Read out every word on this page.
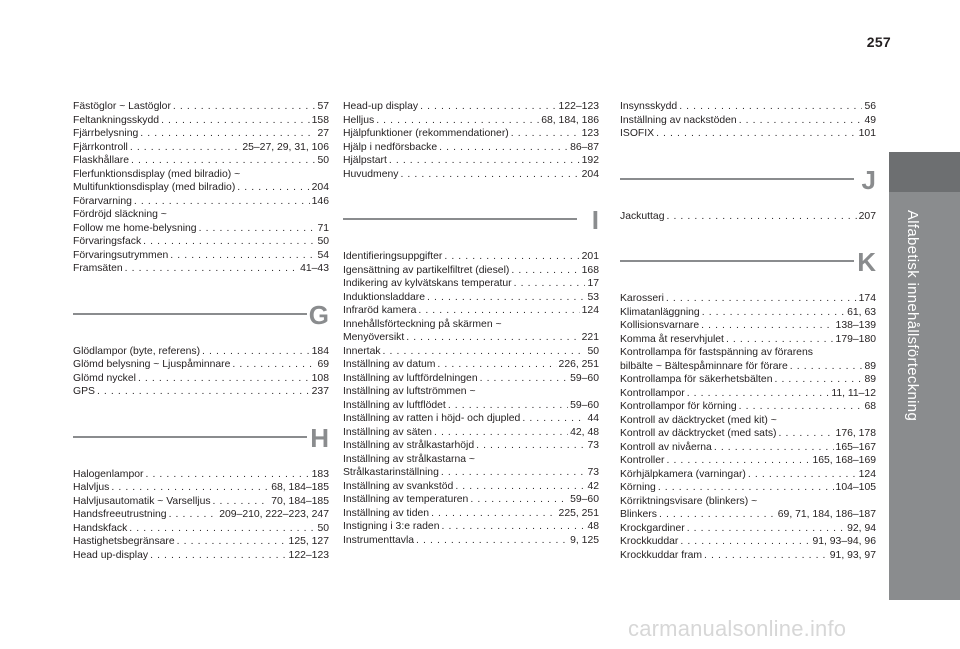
257
Alfabetisk innehållsförteckning
Fästöglor ~ Lastöglor . . .	57
Feltankningsskydd . . .	158
Fjärrbelysning . . .	27
Fjärrkontroll . . .	25–27, 29, 31, 106
Flaskhållare . . .	50
Flerfunktionsdisplay (med bilradio) ~
Multifunktionsdisplay (med bilradio) . . .	204
Förarvarning . . .	146
Fördröjd släckning ~
Follow me home-belysning . . .	71
Förvaringsfack . . .	50
Förvaringsutrymmen . . .	54
Framsäten . . .	41–43
G
Glödlampor (byte, referens) . . .	184
Glömd belysning ~ Ljuspåminnare . . .	69
Glömd nyckel . . .	108
GPS . . .	237
H
Halogenlampor . . .	183
Halvljus . . .	68, 184–185
Halvljusautomatik ~ Varselljus . . .	70, 184–185
Handsfreeutrustning . . .	209–210, 222–223, 247
Handskfack . . .	50
Hastighetsbegränsare . . .	125, 127
Head up-display . . .	122–123
Head-up display . . .	122–123
Helljus . . .	68, 184, 186
Hjälpfunktioner (rekommendationer) . . .	123
Hjälp i nedförsbacke . . .	86–87
Hjälpstart . . .	192
Huvudmeny . . .	204
I
Identifieringsuppgifter . . .	201
Igensättning av partikelfiltret (diesel) . . .	168
Indikering av kylvätskans temperatur . . .	17
Induktionsladdare . . .	53
Infraröd kamera . . .	124
Innehållsförteckning på skärmen ~
Menyöversikt . . .	221
Innertak . . .	50
Inställning av datum . . .	226, 251
Inställning av luftfördelningen . . .	59–60
Inställning av luftströmmen ~
Inställning av luftflödet . . .	59–60
Inställning av ratten i höjd- och djupled . . .	44
Inställning av säten . . .	42, 48
Inställning av strålkastarhöjd . . .	73
Inställning av strålkastarna ~
Strålkastarinställning . . .	73
Inställning av svankstöd . . .	42
Inställning av temperaturen . . .	59–60
Inställning av tiden . . .	225, 251
Instigning i 3:e raden . . .	48
Instrumenttavla . . .	9, 125
Insynsskydd . . .	56
Inställning av nackstöden . . .	49
ISOFIX . . .	101
J
Jackuttag . . .	207
K
Karosseri . . .	174
Klimatanläggning . . .	61, 63
Kollisionsvarnare . . .	138–139
Komma åt reservhjulet . . .	179–180
Kontrollampa för fastspänning av förarens
bilbälte ~ Bältespåminnare för förare . . .	89
Kontrollampa för säkerhetsbälten . . .	89
Kontrollampor . . .	11, 11–12
Kontrollampor för körning . . .	68
Kontroll av däcktrycket (med kit) ~
Kontroll av däcktrycket (med sats) . . .	176, 178
Kontroll av nivåerna . . .	165–167
Kontroller . . .	165, 168–169
Körhjälpkamera (varningar) . . .	124
Körning . . .	104–105
Körriktningsvisare (blinkers) ~
Blinkers . . .	69, 71, 184, 186–187
Krockgardiner . . .	92, 94
Krockkuddar . . .	91, 93–94, 96
Krockkuddar fram . . .	91, 93, 97
carmanualsonline.info
